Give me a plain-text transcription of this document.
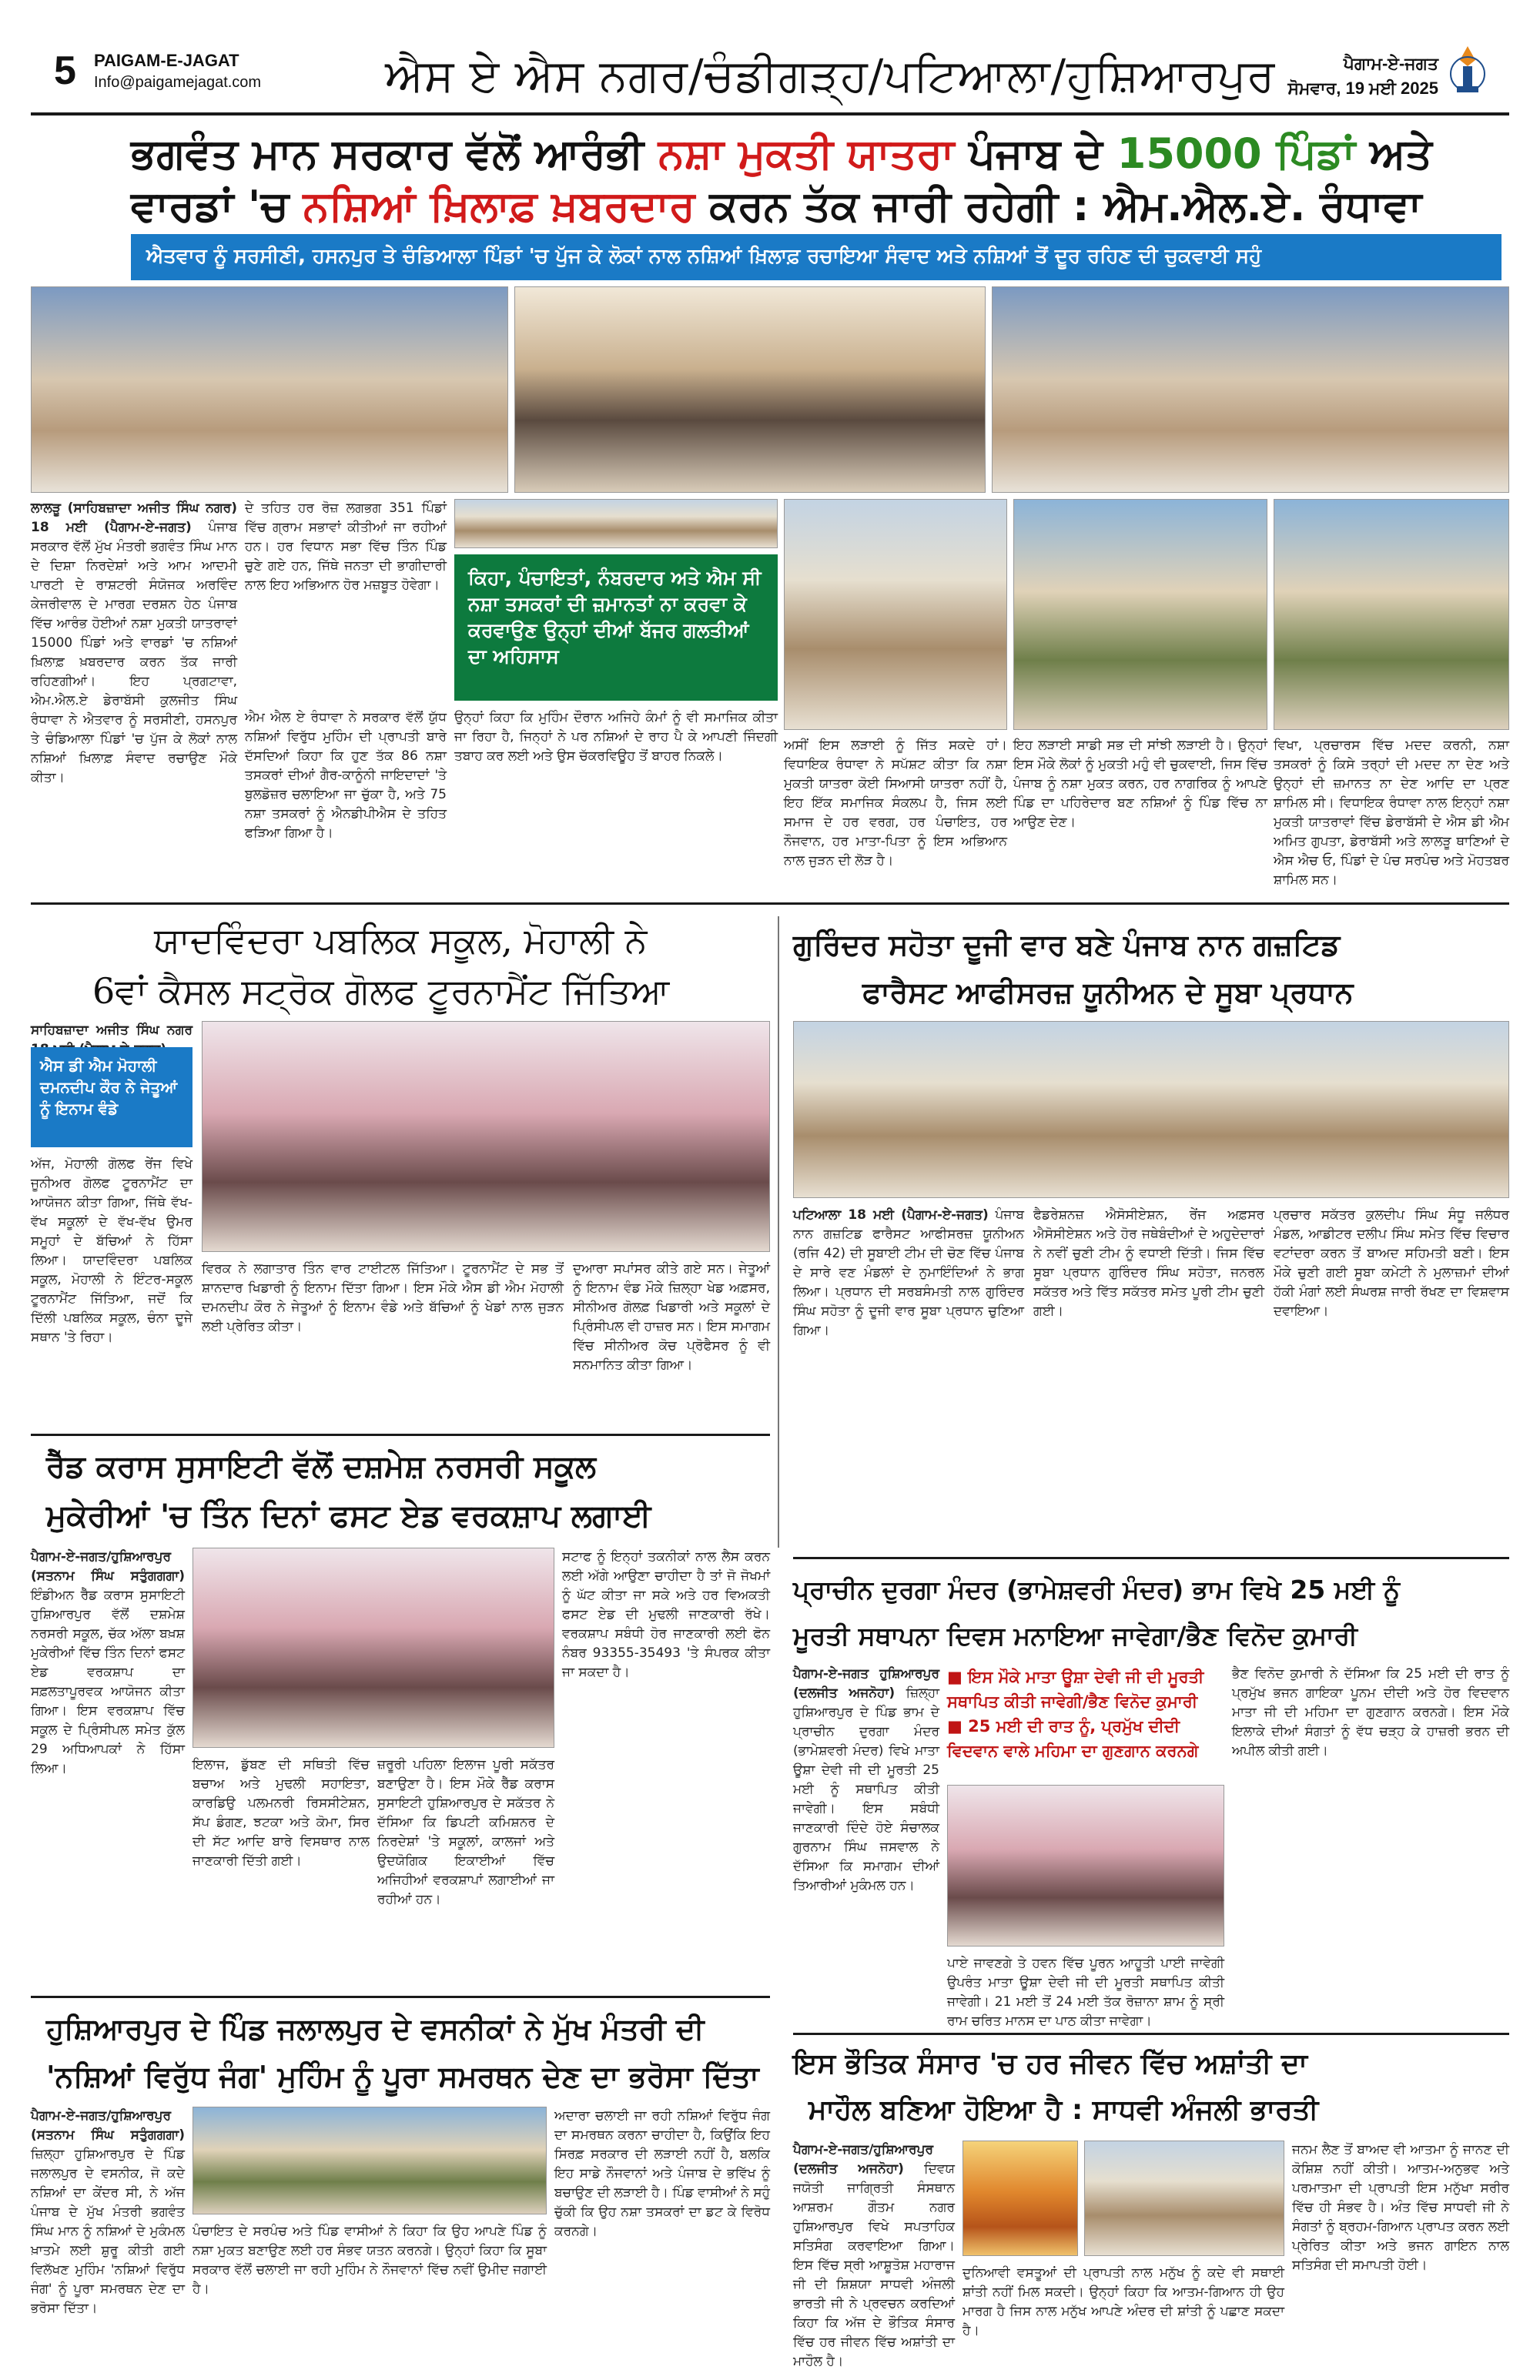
5 PAIGAM-E-JAGAT
Info@paigamejagat.com	ਐਸ ਏ ਐਸ ਨਗਰ/ਚੰਡੀਗੜ੍ਹ/ਪਟਿਆਲਾ/ਹੁਸ਼ਿਆਰਪੁਰ	ਪੈਗਾਮ-ਏ-ਜਗਤ
ਸੋਮਵਾਰ, 19 ਮਈ 2025
ਭਗਵੰਤ ਮਾਨ ਸਰਕਾਰ ਵੱਲੋਂ ਆਰੰਭੀ ਨਸ਼ਾ ਮੁਕਤੀ ਯਾਤਰਾ ਪੰਜਾਬ ਦੇ 15000 ਪਿੰਡਾਂ ਅਤੇ
ਵਾਰਡਾਂ 'ਚ ਨਸ਼ਿਆਂ ਖ਼ਿਲਾਫ਼ ਖ਼ਬਰਦਾਰ ਕਰਨ ਤੱਕ ਜਾਰੀ ਰਹੇਗੀ : ਐਮ.ਐਲ.ਏ. ਰੰਧਾਵਾ
ਐਤਵਾਰ ਨੂੰ ਸਰਸੀਣੀ, ਹਸਨਪੁਰ ਤੇ ਚੰਡਿਆਲਾ ਪਿੰਡਾਂ 'ਚ ਪੁੱਜ ਕੇ ਲੋਕਾਂ ਨਾਲ ਨਸ਼ਿਆਂ ਖ਼ਿਲਾਫ਼ ਰਚਾਇਆ ਸੰਵਾਦ ਅਤੇ ਨਸ਼ਿਆਂ ਤੋਂ ਦੂਰ ਰਹਿਣ ਦੀ ਚੁਕਵਾਈ ਸਹੁੰ
ਲਾਲੜੂ (ਸਾਹਿਬਜ਼ਾਦਾ ਅਜੀਤ ਸਿੰਘ ਨਗਰ) 18 ਮਈ (ਪੈਗਾਮ-ਏ-ਜਗਤ) ਪੰਜਾਬ ਸਰਕਾਰ ਵੱਲੋਂ ਮੁੱਖ ਮੰਤਰੀ ਭਗਵੰਤ ਸਿੰਘ ਮਾਨ ਦੇ ਦਿਸ਼ਾ ਨਿਰਦੇਸ਼ਾਂ ਅਤੇ ਆਮ ਆਦਮੀ ਪਾਰਟੀ ਦੇ ਰਾਸ਼ਟਰੀ ਸੰਯੋਜਕ ਅਰਵਿੰਦ ਕੇਜਰੀਵਾਲ ਦੇ ਮਾਰਗ ਦਰਸ਼ਨ ਹੇਠ ਪੰਜਾਬ ਵਿੱਚ ਆਰੰਭ ਹੋਈਆਂ ਨਸ਼ਾ ਮੁਕਤੀ ਯਾਤਰਾਵਾਂ 15000 ਪਿੰਡਾਂ ਅਤੇ ਵਾਰਡਾਂ 'ਚ ਨਸ਼ਿਆਂ ਖ਼ਿਲਾਫ਼ ਖ਼ਬਰਦਾਰ ਕਰਨ ਤੱਕ ਜਾਰੀ ਰਹਿਣਗੀਆਂ। ਇਹ ਪ੍ਰਗਟਾਵਾ, ਐਮ.ਐਲ.ਏ ਡੇਰਾਬੱਸੀ ਕੁਲਜੀਤ ਸਿੰਘ ਰੰਧਾਵਾ ਨੇ ਐਤਵਾਰ ਨੂੰ ਸਰਸੀਣੀ, ਹਸਨਪੁਰ ਤੇ ਚੰਡਿਆਲਾ ਪਿੰਡਾਂ 'ਚ ਪੁੱਜ ਕੇ ਲੋਕਾਂ ਨਾਲ ਨਸ਼ਿਆਂ ਖ਼ਿਲਾਫ਼ ਸੰਵਾਦ ਰਚਾਉਣ ਮੌਕੇ ਕੀਤਾ।
ਦੇ ਤਹਿਤ ਹਰ ਰੋਜ਼ ਲਗਭਗ 351 ਪਿੰਡਾਂ ਵਿੱਚ ਗ੍ਰਾਮ ਸਭਾਵਾਂ ਕੀਤੀਆਂ ਜਾ ਰਹੀਆਂ ਹਨ। ਹਰ ਵਿਧਾਨ ਸਭਾ ਵਿੱਚ ਤਿੰਨ ਪਿੰਡ ਚੁਣੇ ਗਏ ਹਨ, ਜਿੱਥੇ ਜਨਤਾ ਦੀ ਭਾਗੀਦਾਰੀ ਨਾਲ ਇਹ ਅਭਿਆਨ ਹੋਰ ਮਜ਼ਬੂਤ ਹੋਵੇਗਾ।	ਕਿਹਾ, ਪੰਚਾਇਤਾਂ, ਨੰਬਰਦਾਰ ਅਤੇ ਐਮ ਸੀ ਨਸ਼ਾ ਤਸਕਰਾਂ ਦੀ ਜ਼ਮਾਨਤਾਂ ਨਾ ਕਰਵਾ ਕੇ ਕਰਵਾਉਣ ਉਨ੍ਹਾਂ ਦੀਆਂ ਬੱਜਰ ਗਲਤੀਆਂ ਦਾ ਅਹਿਸਾਸ
ਐਮ ਐਲ ਏ ਰੰਧਾਵਾ ਨੇ ਸਰਕਾਰ ਵੱਲੋਂ ਯੁੱਧ ਨਸ਼ਿਆਂ ਵਿਰੁੱਧ ਮੁਹਿੰਮ ਦੀ ਪ੍ਰਾਪਤੀ ਬਾਰੇ ਦੱਸਦਿਆਂ ਕਿਹਾ ਕਿ ਹੁਣ ਤੱਕ 86 ਨਸ਼ਾ ਤਸਕਰਾਂ ਦੀਆਂ ਗੈਰ-ਕਾਨੂੰਨੀ ਜਾਇਦਾਦਾਂ 'ਤੇ ਬੁਲਡੋਜ਼ਰ ਚਲਾਇਆ ਜਾ ਚੁੱਕਾ ਹੈ, ਅਤੇ 75 ਨਸ਼ਾ ਤਸਕਰਾਂ ਨੂੰ ਐਨਡੀਪੀਐਸ ਦੇ ਤਹਿਤ ਫੜਿਆ ਗਿਆ ਹੈ।
ਉਨ੍ਹਾਂ ਕਿਹਾ ਕਿ ਮੁਹਿੰਮ ਦੌਰਾਨ ਅਜਿਹੇ ਕੰਮਾਂ ਨੂੰ ਵੀ ਸਮਾਜਿਕ ਕੀਤਾ ਜਾ ਰਿਹਾ ਹੈ, ਜਿਨ੍ਹਾਂ ਨੇ ਪਰ ਨਸ਼ਿਆਂ ਦੇ ਰਾਹ ਪੈ ਕੇ ਆਪਣੀ ਜਿੰਦਗੀ ਤਬਾਹ ਕਰ ਲਈ ਅਤੇ ਉਸ ਚੱਕਰਵਿਊਹ ਤੋਂ ਬਾਹਰ ਨਿਕਲੇ।
ਅਸੀਂ ਇਸ ਲੜਾਈ ਨੂੰ ਜਿੱਤ ਸਕਦੇ ਹਾਂ। ਵਿਧਾਇਕ ਰੰਧਾਵਾ ਨੇ ਸਪੱਸ਼ਟ ਕੀਤਾ ਕਿ ਨਸ਼ਾ ਮੁਕਤੀ ਯਾਤਰਾ ਕੋਈ ਸਿਆਸੀ ਯਾਤਰਾ ਨਹੀਂ ਹੈ, ਇਹ ਇੱਕ ਸਮਾਜਿਕ ਸੰਕਲਪ ਹੈ, ਜਿਸ ਲਈ ਸਮਾਜ ਦੇ ਹਰ ਵਰਗ, ਹਰ ਪੰਚਾਇਤ, ਹਰ ਨੌਜਵਾਨ, ਹਰ ਮਾਤਾ-ਪਿਤਾ ਨੂੰ ਇਸ ਅਭਿਆਨ ਨਾਲ ਜੁੜਨ ਦੀ ਲੋੜ ਹੈ।
ਇਹ ਲੜਾਈ ਸਾਡੀ ਸਭ ਦੀ ਸਾਂਝੀ ਲੜਾਈ ਹੈ। ਉਨ੍ਹਾਂ ਇਸ ਮੌਕੇ ਲੋਕਾਂ ਨੂੰ ਮੁਕਤੀ ਮਹੁੰ ਵੀ ਚੁਕਵਾਈ, ਜਿਸ ਵਿੱਚ ਪੰਜਾਬ ਨੂੰ ਨਸ਼ਾ ਮੁਕਤ ਕਰਨ, ਹਰ ਨਾਗਰਿਕ ਨੂੰ ਆਪਣੇ ਪਿੰਡ ਦਾ ਪਹਿਰੇਦਾਰ ਬਣ ਨਸ਼ਿਆਂ ਨੂੰ ਪਿੰਡ ਵਿੱਚ ਨਾ ਆਉਣ ਦੇਣ।
ਵਿਖਾ, ਪ੍ਰਚਾਰਸ ਵਿੱਚ ਮਦਦ ਕਰਨੀ, ਨਸ਼ਾ ਤਸਕਰਾਂ ਨੂੰ ਕਿਸੇ ਤਰ੍ਹਾਂ ਦੀ ਮਦਦ ਨਾ ਦੇਣ ਅਤੇ ਉਨ੍ਹਾਂ ਦੀ ਜ਼ਮਾਨਤ ਨਾ ਦੇਣ ਆਦਿ ਦਾ ਪ੍ਰਣ ਸ਼ਾਮਿਲ ਸੀ। ਵਿਧਾਇਕ ਰੰਧਾਵਾ ਨਾਲ ਇਨ੍ਹਾਂ ਨਸ਼ਾ ਮੁਕਤੀ ਯਾਤਰਾਵਾਂ ਵਿੱਚ ਡੇਰਾਬੱਸੀ ਦੇ ਐਸ ਡੀ ਐਮ ਅਮਿਤ ਗੁਪਤਾ, ਡੇਰਾਬੱਸੀ ਅਤੇ ਲਾਲੜੂ ਥਾਣਿਆਂ ਦੇ ਐਸ ਐਚ ਓ, ਪਿੰਡਾਂ ਦੇ ਪੰਚ ਸਰਪੰਚ ਅਤੇ ਮੋਹਤਬਰ ਸ਼ਾਮਿਲ ਸਨ।
ਯਾਦਵਿੰਦਰਾ ਪਬਲਿਕ ਸਕੂਲ, ਮੋਹਾਲੀ ਨੇ
6ਵਾਂ ਕੈਸਲ ਸਟ੍ਰੋਕ ਗੋਲਫ ਟੂਰਨਾਮੈਂਟ ਜਿੱਤਿਆ
ਸਾਹਿਬਜ਼ਾਦਾ ਅਜੀਤ ਸਿੰਘ ਨਗਰ
ਐਸ ਡੀ ਐਮ ਮੋਹਾਲੀ ਦਮਨਦੀਪ ਕੌਰ ਨੇ ਜੇਤੂਆਂ ਨੂੰ ਇਨਾਮ ਵੰਡੇ
ਅੱਜ, ਮੋਹਾਲੀ ਗੋਲਫ ਰੇਂਜ ਵਿਖੇ ਜੂਨੀਅਰ ਗੋਲਫ ਟੂਰਨਾਮੈਂਟ ਦਾ ਆਯੋਜਨ ਕੀਤਾ ਗਿਆ, ਜਿੱਥੇ ਵੱਖ-ਵੱਖ ਸਕੂਲਾਂ ਦੇ ਵੱਖ-ਵੱਖ ਉਮਰ ਸਮੂਹਾਂ ਦੇ ਬੱਚਿਆਂ ਨੇ ਹਿੱਸਾ ਲਿਆ। ਯਾਦਵਿੰਦਰਾ ਪਬਲਿਕ ਸਕੂਲ, ਮੋਹਾਲੀ ਨੇ ਇੰਟਰ-ਸਕੂਲ ਟੂਰਨਾਮੈਂਟ ਜਿੱਤਿਆ, ਜਦੋਂ ਕਿ ਦਿੱਲੀ ਪਬਲਿਕ ਸਕੂਲ, ਚੰਨਾ ਦੂਜੇ ਸਥਾਨ 'ਤੇ ਰਿਹਾ।
ਵਿਰਕ ਨੇ ਲਗਾਤਾਰ ਤਿੰਨ ਵਾਰ ਟਾਈਟਲ ਜਿੱਤਿਆ। ਟੂਰਨਾਮੈਂਟ ਦੇ ਸਭ ਤੋਂ ਸ਼ਾਨਦਾਰ ਖਿਡਾਰੀ ਨੂੰ ਇਨਾਮ ਦਿੱਤਾ ਗਿਆ। ਇਸ ਮੌਕੇ ਐਸ ਡੀ ਐਮ ਮੋਹਾਲੀ ਦਮਨਦੀਪ ਕੌਰ ਨੇ ਜੇਤੂਆਂ ਨੂੰ ਇਨਾਮ ਵੰਡੇ ਅਤੇ ਬੱਚਿਆਂ ਨੂੰ ਖੇਡਾਂ ਨਾਲ ਜੁੜਨ ਲਈ ਪ੍ਰੇਰਿਤ ਕੀਤਾ।
ਦੁਆਰਾ ਸਪਾਂਸਰ ਕੀਤੇ ਗਏ ਸਨ। ਜੇਤੂਆਂ ਨੂੰ ਇਨਾਮ ਵੰਡ ਮੌਕੇ ਜ਼ਿਲ੍ਹਾ ਖੇਡ ਅਫ਼ਸਰ, ਸੀਨੀਅਰ ਗੋਲਫ਼ ਖਿਡਾਰੀ ਅਤੇ ਸਕੂਲਾਂ ਦੇ ਪ੍ਰਿੰਸੀਪਲ ਵੀ ਹਾਜ਼ਰ ਸਨ। ਇਸ ਸਮਾਗਮ ਵਿੱਚ ਸੀਨੀਅਰ ਕੋਚ ਪ੍ਰੋਫੈਸਰ ਨੂੰ ਵੀ ਸਨਮਾਨਿਤ ਕੀਤਾ ਗਿਆ।
ਗੁਰਿੰਦਰ ਸਹੋਤਾ ਦੂਜੀ ਵਾਰ ਬਣੇ ਪੰਜਾਬ ਨਾਨ ਗਜ਼ਟਿਡ
ਫਾਰੈਸਟ ਆਫੀਸਰਜ਼ ਯੂਨੀਅਨ ਦੇ ਸੂਬਾ ਪ੍ਰਧਾਨ
ਪਟਿਆਲਾ 18 ਮਈ (ਪੈਗਾਮ-ਏ-ਜਗਤ) ਪੰਜਾਬ ਨਾਨ ਗਜ਼ਟਿਡ ਫਾਰੈਸਟ ਆਫੀਸਰਜ਼ ਯੂਨੀਅਨ (ਰਜਿ 42) ਦੀ ਸੂਬਾਈ ਟੀਮ ਦੀ ਚੋਣ ਵਿੱਚ ਪੰਜਾਬ ਦੇ ਸਾਰੇ ਵਣ ਮੰਡਲਾਂ ਦੇ ਨੁਮਾਇੰਦਿਆਂ ਨੇ ਭਾਗ ਲਿਆ। ਪ੍ਰਧਾਨ ਦੀ ਸਰਬਸੰਮਤੀ ਨਾਲ ਗੁਰਿੰਦਰ ਸਿੰਘ ਸਹੋਤਾ ਨੂੰ ਦੂਜੀ ਵਾਰ ਸੂਬਾ ਪ੍ਰਧਾਨ ਚੁਣਿਆ ਗਿਆ।
ਫੈਡਰੇਸ਼ਨਜ਼ ਐਸੋਸੀਏਸ਼ਨ, ਰੇਂਜ ਅਫ਼ਸਰ ਐਸੋਸੀਏਸ਼ਨ ਅਤੇ ਹੋਰ ਜਥੇਬੰਦੀਆਂ ਦੇ ਅਹੁਦੇਦਾਰਾਂ ਨੇ ਨਵੀਂ ਚੁਣੀ ਟੀਮ ਨੂੰ ਵਧਾਈ ਦਿੱਤੀ। ਜਿਸ ਵਿੱਚ ਸੂਬਾ ਪ੍ਰਧਾਨ ਗੁਰਿੰਦਰ ਸਿੰਘ ਸਹੋਤਾ, ਜਨਰਲ ਸਕੱਤਰ ਅਤੇ ਵਿੱਤ ਸਕੱਤਰ ਸਮੇਤ ਪੂਰੀ ਟੀਮ ਚੁਣੀ ਗਈ।
ਪ੍ਰਚਾਰ ਸਕੱਤਰ ਕੁਲਦੀਪ ਸਿੰਘ ਸੰਧੂ ਜਲੰਧਰ ਮੰਡਲ, ਆਡੀਟਰ ਦਲੀਪ ਸਿੰਘ ਸਮੇਤ ਵਿੱਚ ਵਿਚਾਰ ਵਟਾਂਦਰਾ ਕਰਨ ਤੋਂ ਬਾਅਦ ਸਹਿਮਤੀ ਬਣੀ। ਇਸ ਮੌਕੇ ਚੁਣੀ ਗਈ ਸੂਬਾ ਕਮੇਟੀ ਨੇ ਮੁਲਾਜ਼ਮਾਂ ਦੀਆਂ ਹੱਕੀ ਮੰਗਾਂ ਲਈ ਸੰਘਰਸ਼ ਜਾਰੀ ਰੱਖਣ ਦਾ ਵਿਸ਼ਵਾਸ ਦਵਾਇਆ।
ਰੈੱਡ ਕਰਾਸ ਸੁਸਾਇਟੀ ਵੱਲੋਂ ਦਸ਼ਮੇਸ਼ ਨਰਸਰੀ ਸਕੂਲ
ਮੁਕੇਰੀਆਂ 'ਚ ਤਿੰਨ ਦਿਨਾਂ ਫਸਟ ਏਡ ਵਰਕਸ਼ਾਪ ਲਗਾਈ
ਪੈਗਾਮ-ਏ-ਜਗਤ/ਹੁਸ਼ਿਆਰਪੁਰ (ਸਤਨਾਮ ਸਿੰਘ ਸਤੁੰਗਗਗਾ) ਇੰਡੀਅਨ ਰੈੱਡ ਕਰਾਸ ਸੁਸਾਇਟੀ ਹੁਸ਼ਿਆਰਪੁਰ ਵੱਲੋਂ ਦਸ਼ਮੇਸ਼ ਨਰਸਰੀ ਸਕੂਲ, ਚੱਕ ਅੱਲਾ ਬਖ਼ਸ਼ ਮੁਕੇਰੀਆਂ ਵਿੱਚ ਤਿੰਨ ਦਿਨਾਂ ਫਸਟ ਏਡ ਵਰਕਸ਼ਾਪ ਦਾ ਸਫ਼ਲਤਾਪੂਰਵਕ ਆਯੋਜਨ ਕੀਤਾ ਗਿਆ। ਇਸ ਵਰਕਸ਼ਾਪ ਵਿੱਚ ਸਕੂਲ ਦੇ ਪ੍ਰਿੰਸੀਪਲ ਸਮੇਤ ਕੁੱਲ 29 ਅਧਿਆਪਕਾਂ ਨੇ ਹਿੱਸਾ ਲਿਆ।	ਇਲਾਜ, ਡੁੱਬਣ ਦੀ ਸਥਿਤੀ ਵਿੱਚ ਬਚਾਅ ਅਤੇ ਮੁਢਲੀ ਸਹਾਇਤਾ, ਕਾਰਡਿਉ ਪਲਮਨਰੀ ਰਿਸਸੀਟੇਸ਼ਨ, ਸੱਪ ਡੰਗਣ, ਝਟਕਾ ਅਤੇ ਕੋਮਾ, ਸਿਰ ਦੀ ਸੱਟ ਆਦਿ ਬਾਰੇ ਵਿਸਥਾਰ ਨਾਲ ਜਾਣਕਾਰੀ ਦਿੱਤੀ ਗਈ।
ਜ਼ਰੂਰੀ ਪਹਿਲਾ ਇਲਾਜ ਪੂਰੀ ਸਕੱਤਰ ਬਣਾਉਣਾ ਹੈ। ਇਸ ਮੌਕੇ ਰੈੱਡ ਕਰਾਸ ਸੁਸਾਇਟੀ ਹੁਸ਼ਿਆਰਪੁਰ ਦੇ ਸਕੱਤਰ ਨੇ ਦੱਸਿਆ ਕਿ ਡਿਪਟੀ ਕਮਿਸ਼ਨਰ ਦੇ ਨਿਰਦੇਸ਼ਾਂ 'ਤੇ ਸਕੂਲਾਂ, ਕਾਲਜਾਂ ਅਤੇ ਉਦਯੋਗਿਕ ਇਕਾਈਆਂ ਵਿੱਚ ਅਜਿਹੀਆਂ ਵਰਕਸ਼ਾਪਾਂ ਲਗਾਈਆਂ ਜਾ ਰਹੀਆਂ ਹਨ।
ਸਟਾਫ ਨੂੰ ਇਨ੍ਹਾਂ ਤਕਨੀਕਾਂ ਨਾਲ ਲੈਸ ਕਰਨ ਲਈ ਅੱਗੇ ਆਉਣਾ ਚਾਹੀਦਾ ਹੈ ਤਾਂ ਜੋ ਜੋਖਮਾਂ ਨੂੰ ਘੱਟ ਕੀਤਾ ਜਾ ਸਕੇ ਅਤੇ ਹਰ ਵਿਅਕਤੀ ਫਸਟ ਏਡ ਦੀ ਮੁਢਲੀ ਜਾਣਕਾਰੀ ਰੱਖੇ। ਵਰਕਸ਼ਾਪ ਸਬੰਧੀ ਹੋਰ ਜਾਣਕਾਰੀ ਲਈ ਫੋਨ ਨੰਬਰ 93355-35493 'ਤੇ ਸੰਪਰਕ ਕੀਤਾ ਜਾ ਸਕਦਾ ਹੈ।
ਹੁਸ਼ਿਆਰਪੁਰ ਦੇ ਪਿੰਡ ਜਲਾਲਪੁਰ ਦੇ ਵਸਨੀਕਾਂ ਨੇ ਮੁੱਖ ਮੰਤਰੀ ਦੀ
'ਨਸ਼ਿਆਂ ਵਿਰੁੱਧ ਜੰਗ' ਮੁਹਿੰਮ ਨੂੰ ਪੂਰਾ ਸਮਰਥਨ ਦੇਣ ਦਾ ਭਰੋਸਾ ਦਿੱਤਾ
ਪੈਗਾਮ-ਏ-ਜਗਤ/ਹੁਸ਼ਿਆਰਪੁਰ (ਸਤਨਾਮ ਸਿੰਘ ਸਤੁੰਗਗਗਾ) ਜ਼ਿਲ੍ਹਾ ਹੁਸ਼ਿਆਰਪੁਰ ਦੇ ਪਿੰਡ ਜਲਾਲਪੁਰ ਦੇ ਵਸਨੀਕ, ਜੋ ਕਦੇ ਨਸ਼ਿਆਂ ਦਾ ਕੇਂਦਰ ਸੀ, ਨੇ ਅੱਜ ਪੰਜਾਬ ਦੇ ਮੁੱਖ ਮੰਤਰੀ ਭਗਵੰਤ ਸਿੰਘ ਮਾਨ ਨੂੰ ਨਸ਼ਿਆਂ ਦੇ ਮੁਕੰਮਲ ਖ਼ਾਤਮੇ ਲਈ ਸ਼ੁਰੂ ਕੀਤੀ ਗਈ ਵਿਲੱਖਣ ਮੁਹਿੰਮ 'ਨਸ਼ਿਆਂ ਵਿਰੁੱਧ ਜੰਗ' ਨੂੰ ਪੂਰਾ ਸਮਰਥਨ ਦੇਣ ਦਾ ਭਰੋਸਾ ਦਿੱਤਾ।
ਪੰਚਾਇਤ ਦੇ ਸਰਪੰਚ ਅਤੇ ਪਿੰਡ ਵਾਸੀਆਂ ਨੇ ਕਿਹਾ ਕਿ ਉਹ ਆਪਣੇ ਪਿੰਡ ਨੂੰ ਨਸ਼ਾ ਮੁਕਤ ਬਣਾਉਣ ਲਈ ਹਰ ਸੰਭਵ ਯਤਨ ਕਰਨਗੇ। ਉਨ੍ਹਾਂ ਕਿਹਾ ਕਿ ਸੂਬਾ ਸਰਕਾਰ ਵੱਲੋਂ ਚਲਾਈ ਜਾ ਰਹੀ ਮੁਹਿੰਮ ਨੇ ਨੌਜਵਾਨਾਂ ਵਿੱਚ ਨਵੀਂ ਉਮੀਦ ਜਗਾਈ ਹੈ।
ਅਦਾਰਾ ਚਲਾਈ ਜਾ ਰਹੀ ਨਸ਼ਿਆਂ ਵਿਰੁੱਧ ਜੰਗ ਦਾ ਸਮਰਥਨ ਕਰਨਾ ਚਾਹੀਦਾ ਹੈ, ਕਿਉਂਕਿ ਇਹ ਸਿਰਫ਼ ਸਰਕਾਰ ਦੀ ਲੜਾਈ ਨਹੀਂ ਹੈ, ਬਲਕਿ ਇਹ ਸਾਡੇ ਨੌਜਵਾਨਾਂ ਅਤੇ ਪੰਜਾਬ ਦੇ ਭਵਿੱਖ ਨੂੰ ਬਚਾਉਣ ਦੀ ਲੜਾਈ ਹੈ। ਪਿੰਡ ਵਾਸੀਆਂ ਨੇ ਸਹੁੰ ਚੁੱਕੀ ਕਿ ਉਹ ਨਸ਼ਾ ਤਸਕਰਾਂ ਦਾ ਡਟ ਕੇ ਵਿਰੋਧ ਕਰਨਗੇ।
ਪ੍ਰਾਚੀਨ ਦੁਰਗਾ ਮੰਦਰ (ਭਾਮੇਸ਼ਵਰੀ ਮੰਦਰ) ਭਾਮ ਵਿਖੇ 25 ਮਈ ਨੂੰ
ਮੂਰਤੀ ਸਥਾਪਨਾ ਦਿਵਸ ਮਨਾਇਆ ਜਾਵੇਗਾ/ਭੈਣ ਵਿਨੋਦ ਕੁਮਾਰੀ
ਪੈਗਾਮ-ਏ-ਜਗਤ ਹੁਸ਼ਿਆਰਪੁਰ (ਦਲਜੀਤ ਅਜਨੋਹਾ) ਜ਼ਿਲ੍ਹਾ ਹੁਸ਼ਿਆਰਪੁਰ ਦੇ ਪਿੰਡ ਭਾਮ ਦੇ ਪ੍ਰਾਚੀਨ ਦੁਰਗਾ ਮੰਦਰ (ਭਾਮੇਸ਼ਵਰੀ ਮੰਦਰ) ਵਿਖੇ ਮਾਤਾ ਊਸ਼ਾ ਦੇਵੀ ਜੀ ਦੀ ਮੂਰਤੀ 25 ਮਈ ਨੂੰ ਸਥਾਪਿਤ ਕੀਤੀ ਜਾਵੇਗੀ। ਇਸ ਸਬੰਧੀ ਜਾਣਕਾਰੀ ਦਿੰਦੇ ਹੋਏ ਸੰਚਾਲਕ ਗੁਰਨਾਮ ਸਿੰਘ ਜਸਵਾਲ ਨੇ ਦੱਸਿਆ ਕਿ ਸਮਾਗਮ ਦੀਆਂ ਤਿਆਰੀਆਂ ਮੁਕੰਮਲ ਹਨ।
■ ਇਸ ਮੌਕੇ ਮਾਤਾ ਊਸ਼ਾ ਦੇਵੀ ਜੀ ਦੀ ਮੂਰਤੀ ਸਥਾਪਿਤ ਕੀਤੀ ਜਾਵੇਗੀ/ਭੈਣ ਵਿਨੋਦ ਕੁਮਾਰੀ
■ 25 ਮਈ ਦੀ ਰਾਤ ਨੂੰ, ਪ੍ਰਮੁੱਖ ਦੀਦੀ ਵਿਦਵਾਨ ਵਾਲੇ ਮਹਿਮਾ ਦਾ ਗੁਣਗਾਨ ਕਰਨਗੇ
ਪਾਏ ਜਾਵਣਗੇ ਤੇ ਹਵਨ ਵਿੱਚ ਪੂਰਨ ਆਹੂਤੀ ਪਾਈ ਜਾਵੇਗੀ ਉਪਰੰਤ ਮਾਤਾ ਊਸ਼ਾ ਦੇਵੀ ਜੀ ਦੀ ਮੂਰਤੀ ਸਥਾਪਿਤ ਕੀਤੀ ਜਾਵੇਗੀ। 21 ਮਈ ਤੋਂ 24 ਮਈ ਤੱਕ ਰੋਜ਼ਾਨਾ ਸ਼ਾਮ ਨੂੰ ਸ੍ਰੀ ਰਾਮ ਚਰਿਤ ਮਾਨਸ ਦਾ ਪਾਠ ਕੀਤਾ ਜਾਵੇਗਾ।
ਭੈਣ ਵਿਨੋਦ ਕੁਮਾਰੀ ਨੇ ਦੱਸਿਆ ਕਿ 25 ਮਈ ਦੀ ਰਾਤ ਨੂੰ ਪ੍ਰਮੁੱਖ ਭਜਨ ਗਾਇਕਾ ਪੂਨਮ ਦੀਦੀ ਅਤੇ ਹੋਰ ਵਿਦਵਾਨ ਮਾਤਾ ਜੀ ਦੀ ਮਹਿਮਾ ਦਾ ਗੁਣਗਾਨ ਕਰਨਗੇ। ਇਸ ਮੌਕੇ ਇਲਾਕੇ ਦੀਆਂ ਸੰਗਤਾਂ ਨੂੰ ਵੱਧ ਚੜ੍ਹ ਕੇ ਹਾਜ਼ਰੀ ਭਰਨ ਦੀ ਅਪੀਲ ਕੀਤੀ ਗਈ।
ਇਸ ਭੌਤਿਕ ਸੰਸਾਰ 'ਚ ਹਰ ਜੀਵਨ ਵਿੱਚ ਅਸ਼ਾਂਤੀ ਦਾ
ਮਾਹੌਲ ਬਣਿਆ ਹੋਇਆ ਹੈ : ਸਾਧਵੀ ਅੰਜਲੀ ਭਾਰਤੀ
ਪੈਗਾਮ-ਏ-ਜਗਤ/ਹੁਸ਼ਿਆਰਪੁਰ (ਦਲਜੀਤ ਅਜਨੋਹਾ) ਦਿਵਯ ਜਯੋਤੀ ਜਾਗ੍ਰਿਤੀ ਸੰਸਥਾਨ ਆਸ਼ਰਮ ਗੌਤਮ ਨਗਰ ਹੁਸ਼ਿਆਰਪੁਰ ਵਿਖੇ ਸਪਤਾਹਿਕ ਸਤਿਸੰਗ ਕਰਵਾਇਆ ਗਿਆ। ਇਸ ਵਿੱਚ ਸ੍ਰੀ ਆਸ਼ੂਤੋਸ਼ ਮਹਾਰਾਜ ਜੀ ਦੀ ਸ਼ਿਸ਼ਯਾ ਸਾਧਵੀ ਅੰਜਲੀ ਭਾਰਤੀ ਜੀ ਨੇ ਪ੍ਰਵਚਨ ਕਰਦਿਆਂ ਕਿਹਾ ਕਿ ਅੱਜ ਦੇ ਭੌਤਿਕ ਸੰਸਾਰ ਵਿੱਚ ਹਰ ਜੀਵਨ ਵਿੱਚ ਅਸ਼ਾਂਤੀ ਦਾ ਮਾਹੌਲ ਹੈ।
ਦੁਨਿਆਵੀ ਵਸਤੂਆਂ ਦੀ ਪ੍ਰਾਪਤੀ ਨਾਲ ਮਨੁੱਖ ਨੂੰ ਕਦੇ ਵੀ ਸਥਾਈ ਸ਼ਾਂਤੀ ਨਹੀਂ ਮਿਲ ਸਕਦੀ। ਉਨ੍ਹਾਂ ਕਿਹਾ ਕਿ ਆਤਮ-ਗਿਆਨ ਹੀ ਉਹ ਮਾਰਗ ਹੈ ਜਿਸ ਨਾਲ ਮਨੁੱਖ ਆਪਣੇ ਅੰਦਰ ਦੀ ਸ਼ਾਂਤੀ ਨੂੰ ਪਛਾਣ ਸਕਦਾ ਹੈ।
ਜਨਮ ਲੈਣ ਤੋਂ ਬਾਅਦ ਵੀ ਆਤਮਾ ਨੂੰ ਜਾਨਣ ਦੀ ਕੋਸ਼ਿਸ਼ ਨਹੀਂ ਕੀਤੀ। ਆਤਮ-ਅਨੁਭਵ ਅਤੇ ਪਰਮਾਤਮਾ ਦੀ ਪ੍ਰਾਪਤੀ ਇਸ ਮਨੁੱਖਾ ਸਰੀਰ ਵਿੱਚ ਹੀ ਸੰਭਵ ਹੈ। ਅੰਤ ਵਿੱਚ ਸਾਧਵੀ ਜੀ ਨੇ ਸੰਗਤਾਂ ਨੂੰ ਬ੍ਰਹਮ-ਗਿਆਨ ਪ੍ਰਾਪਤ ਕਰਨ ਲਈ ਪ੍ਰੇਰਿਤ ਕੀਤਾ ਅਤੇ ਭਜਨ ਗਾਇਨ ਨਾਲ ਸਤਿਸੰਗ ਦੀ ਸਮਾਪਤੀ ਹੋਈ।
